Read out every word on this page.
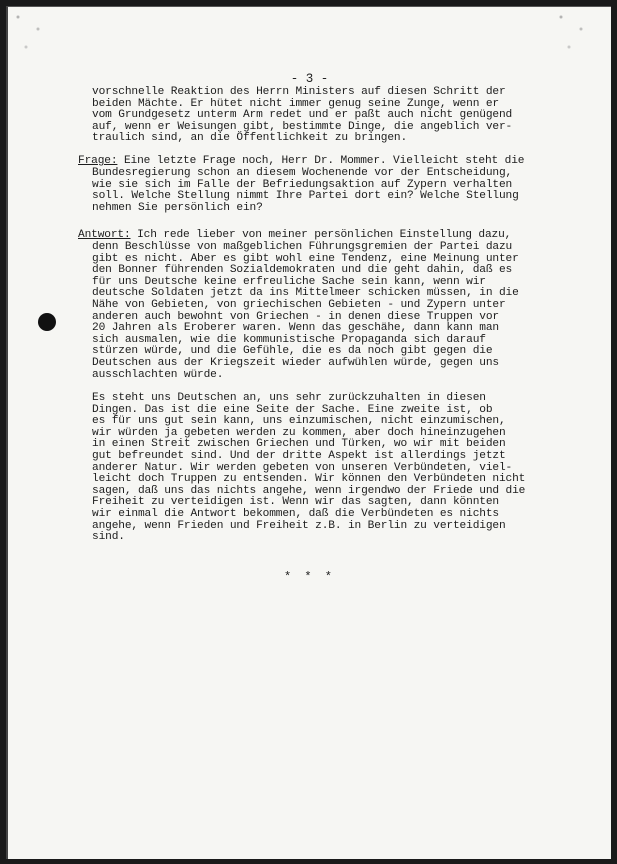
- 3 -
vorschnelle Reaktion des Herrn Ministers auf diesen Schritt der
beiden Mächte. Er hütet nicht immer genug seine Zunge, wenn er
vom Grundgesetz unterm Arm redet und er paßt auch nicht genügend
auf, wenn er Weisungen gibt, bestimmte Dinge, die angeblich ver-
traulich sind, an die Öffentlichkeit zu bringen.
Frage: Eine letzte Frage noch, Herr Dr. Mommer. Vielleicht steht die
Bundesregierung schon an diesem Wochenende vor der Entscheidung,
wie sie sich im Falle der Befriedungsaktion auf Zypern verhalten
soll. Welche Stellung nimmt Ihre Partei dort ein? Welche Stellung
nehmen Sie persönlich ein?
Antwort: Ich rede lieber von meiner persönlichen Einstellung dazu,
denn Beschlüsse von maßgeblichen Führungsgremien der Partei dazu
gibt es nicht. Aber es gibt wohl eine Tendenz, eine Meinung unter
den Bonner führenden Sozialdemokraten und die geht dahin, daß es
für uns Deutsche keine erfreuliche Sache sein kann, wenn wir
deutsche Soldaten jetzt da ins Mittelmeer schicken müssen, in die
Nähe von Gebieten, von griechischen Gebieten - und Zypern unter
anderen auch bewohnt von Griechen - in denen diese Truppen vor
20 Jahren als Eroberer waren. Wenn das geschähe, dann kann man
sich ausmalen, wie die kommunistische Propaganda sich darauf
stürzen würde, und die Gefühle, die es da noch gibt gegen die
Deutschen aus der Kriegszeit wieder aufwühlen würde, gegen uns
ausschlachten würde.
Es steht uns Deutschen an, uns sehr zurückzuhalten in diesen
Dingen. Das ist die eine Seite der Sache. Eine zweite ist, ob
es für uns gut sein kann, uns einzumischen, nicht einzumischen,
wir würden ja gebeten werden zu kommen, aber doch hineinzugehen
in einen Streit zwischen Griechen und Türken, wo wir mit beiden
gut befreundet sind. Und der dritte Aspekt ist allerdings jetzt
anderer Natur. Wir werden gebeten von unseren Verbündeten, viel-
leicht doch Truppen zu entsenden. Wir können den Verbündeten nicht
sagen, daß uns das nichts angehe, wenn irgendwo der Friede und die
Freiheit zu verteidigen ist. Wenn wir das sagten, dann könnten
wir einmal die Antwort bekommen, daß die Verbündeten es nichts
angehe, wenn Frieden und Freiheit z.B. in Berlin zu verteidigen
sind.
* * *
